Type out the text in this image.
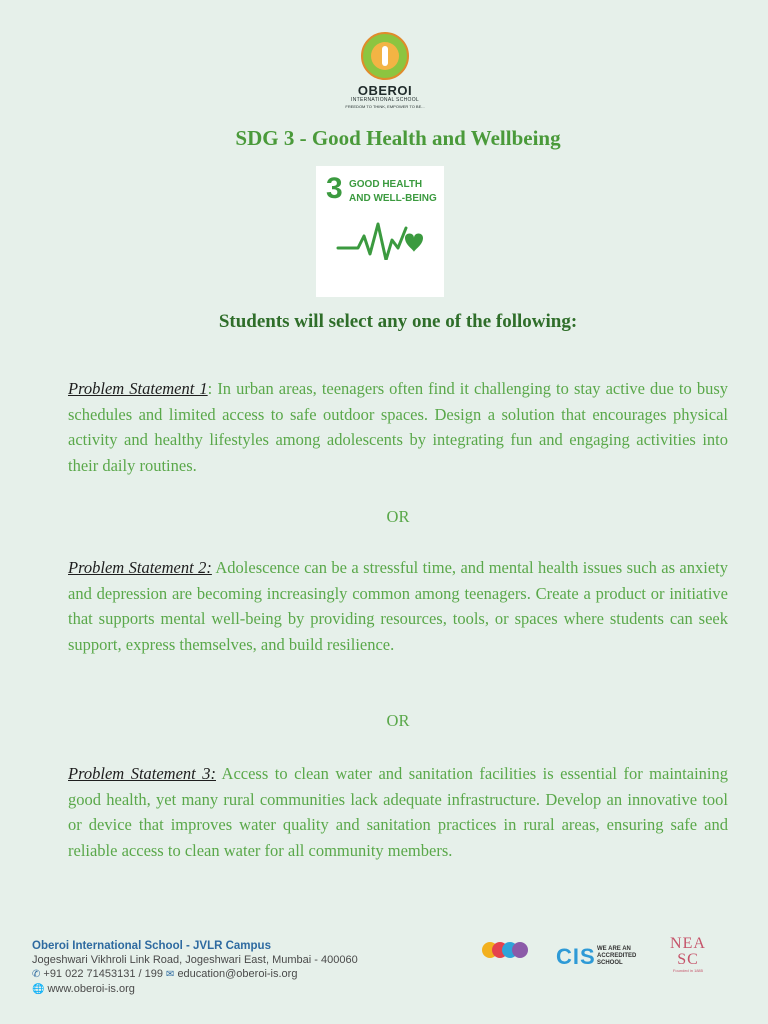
OBEROI
INTERNATIONAL SCHOOL
FREEDOM TO THINK, EMPOWER TO BE...
SDG 3 - Good Health and Wellbeing
3 GOOD HEALTH
AND WELL-BEING
Students will select any one of the following:
Problem Statement 1: In urban areas, teenagers often find it challenging to stay active due to busy schedules and limited access to safe outdoor spaces. Design a solution that encourages physical activity and healthy lifestyles among adolescents by integrating fun and engaging activities into their daily routines.
OR
Problem Statement 2: Adolescence can be a stressful time, and mental health issues such as anxiety and depression are becoming increasingly common among teenagers. Create a product or initiative that supports mental well-being by providing resources, tools, or spaces where students can seek support, express themselves, and build resilience.
OR
Problem Statement 3: Access to clean water and sanitation facilities is essential for maintaining good health, yet many rural communities lack adequate infrastructure. Develop an innovative tool or device that improves water quality and sanitation practices in rural areas, ensuring safe and reliable access to clean water for all community members.
Oberoi International School - JVLR Campus
Jogeshwari Vikhroli Link Road, Jogeshwari East, Mumbai - 400060
✆ +91 022 71453131 / 199 ✉ education@oberoi-is.org
🌐 www.oberoi-is.org
CIS WE ARE AN ACCREDITED SCHOOL
NEA
SC
Founded in 1885
